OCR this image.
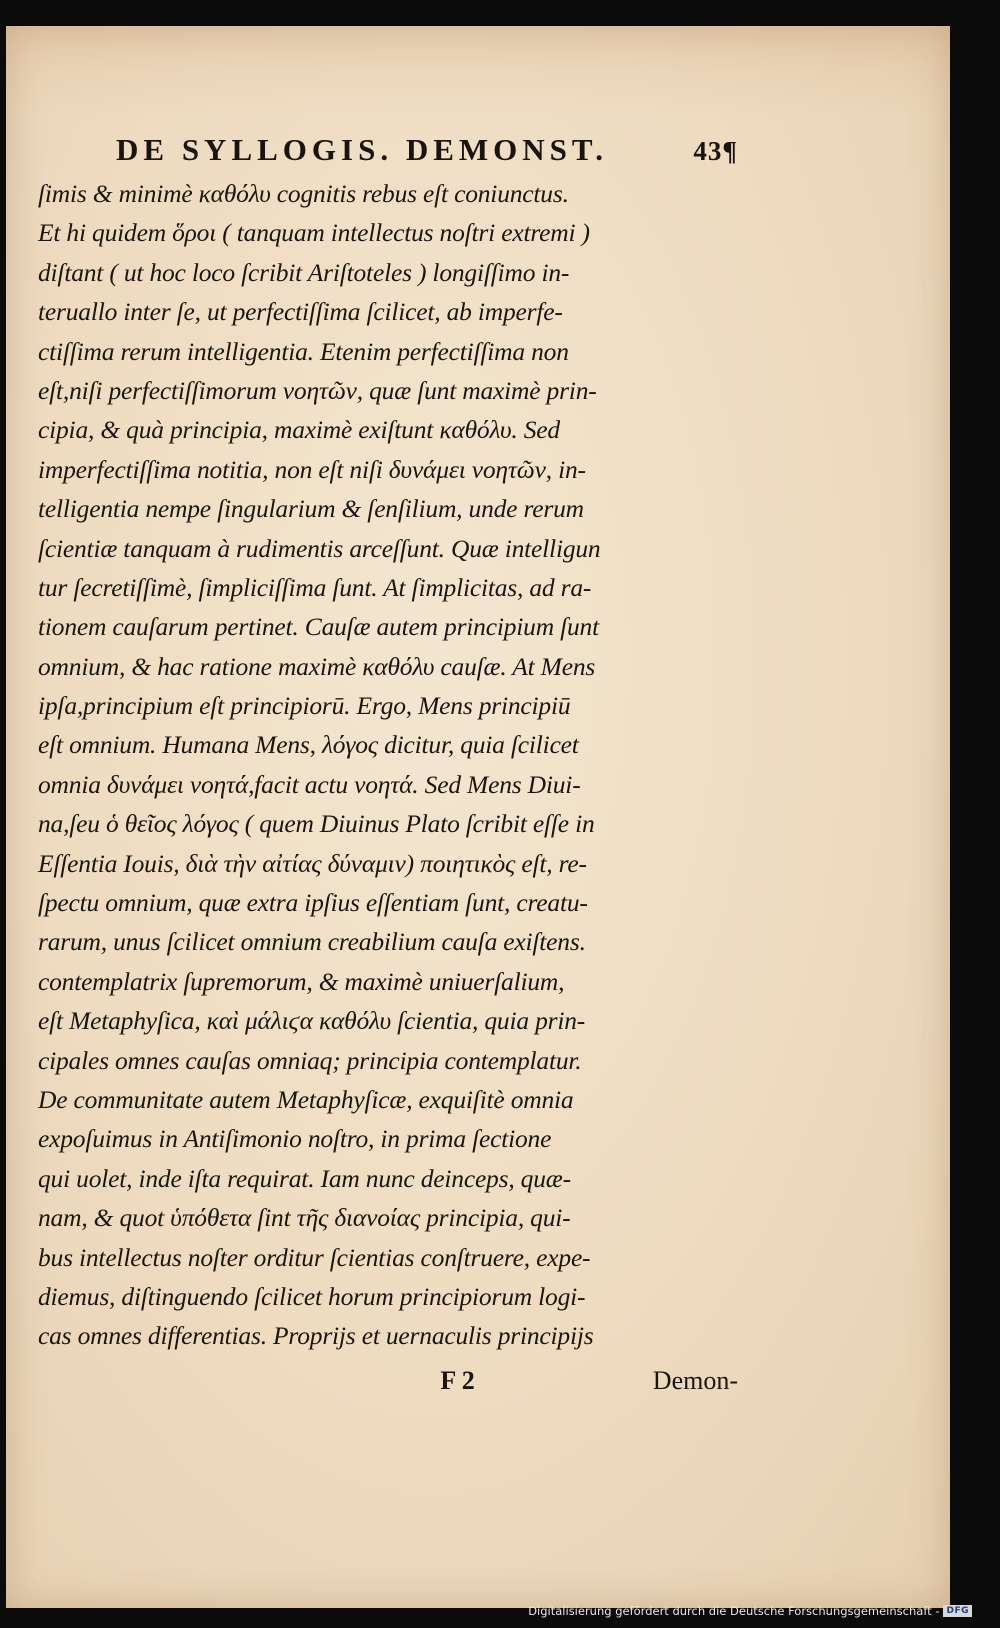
DE SYLLOGIS. DEMONST.	43¶
ſimis & minimè καθόλυ cognitis rebus eſt coniunctus.
Et hi quidem ὅροι ( tanquam intellectus noſtri extremi )
diſtant ( ut hoc loco ſcribit Ariſtoteles ) longiſſimo in-
teruallo inter ſe, ut perfectiſſima ſcilicet, ab imperfe-
ctiſſima rerum intelligentia. Etenim perfectiſſima non
eſt,niſi perfectiſſimorum νοητῶν, quæ ſunt maximè prin-
cipia, & quà principia, maximè exiſtunt καθόλυ. Sed
imperfectiſſima notitia, non eſt niſi δυνάμει νοητῶν, in-
telligentia nempe ſingularium & ſenſilium, unde rerum
ſcientiæ tanquam à rudimentis arceſſunt. Quæ intelligun
tur ſecretiſſimè, ſimpliciſſima ſunt. At ſimplicitas, ad ra-
tionem cauſarum pertinet. Cauſæ autem principium ſunt
omnium, & hac ratione maximè καθόλυ cauſæ. At Mens
ipſa,principium eſt principiorū. Ergo, Mens principiū
eſt omnium. Humana Mens, λόγος dicitur, quia ſcilicet
omnia δυνάμει νοητά,facit actu νοητά. Sed Mens Diui-
na,ſeu ὁ θεῖος λόγος ( quem Diuinus Plato ſcribit eſſe in
Eſſentia Iouis, διὰ τὴν αἰτίας δύναμιν) ποιητικὸς eſt, re-
ſpectu omnium, quæ extra ipſius eſſentiam ſunt, creatu-
rarum, unus ſcilicet omnium creabilium cauſa exiſtens.
contemplatrix ſupremorum, & maximè uniuerſalium,
eſt Metaphyſica, καὶ μάλιϛα καθόλυ ſcientia, quia prin-
cipales omnes cauſas omniaq; principia contemplatur.
De communitate autem Metaphyſicæ, exquiſitè omnia
expoſuimus in Antiſimonio noſtro, in prima ſectione
qui uolet, inde iſta requirat. Iam nunc deinceps, quæ-
nam, & quot ὑπόθετα ſint τῆς διανοίας principia, qui-
bus intellectus noſter orditur ſcientias conſtruere, expe-
diemus, diſtinguendo ſcilicet horum principiorum logi-
cas omnes differentias. Proprijs et uernaculis principijs
F 2	Demon-
Digitalisierung gefördert durch die Deutsche Forschungsgemeinschaft - DFG
